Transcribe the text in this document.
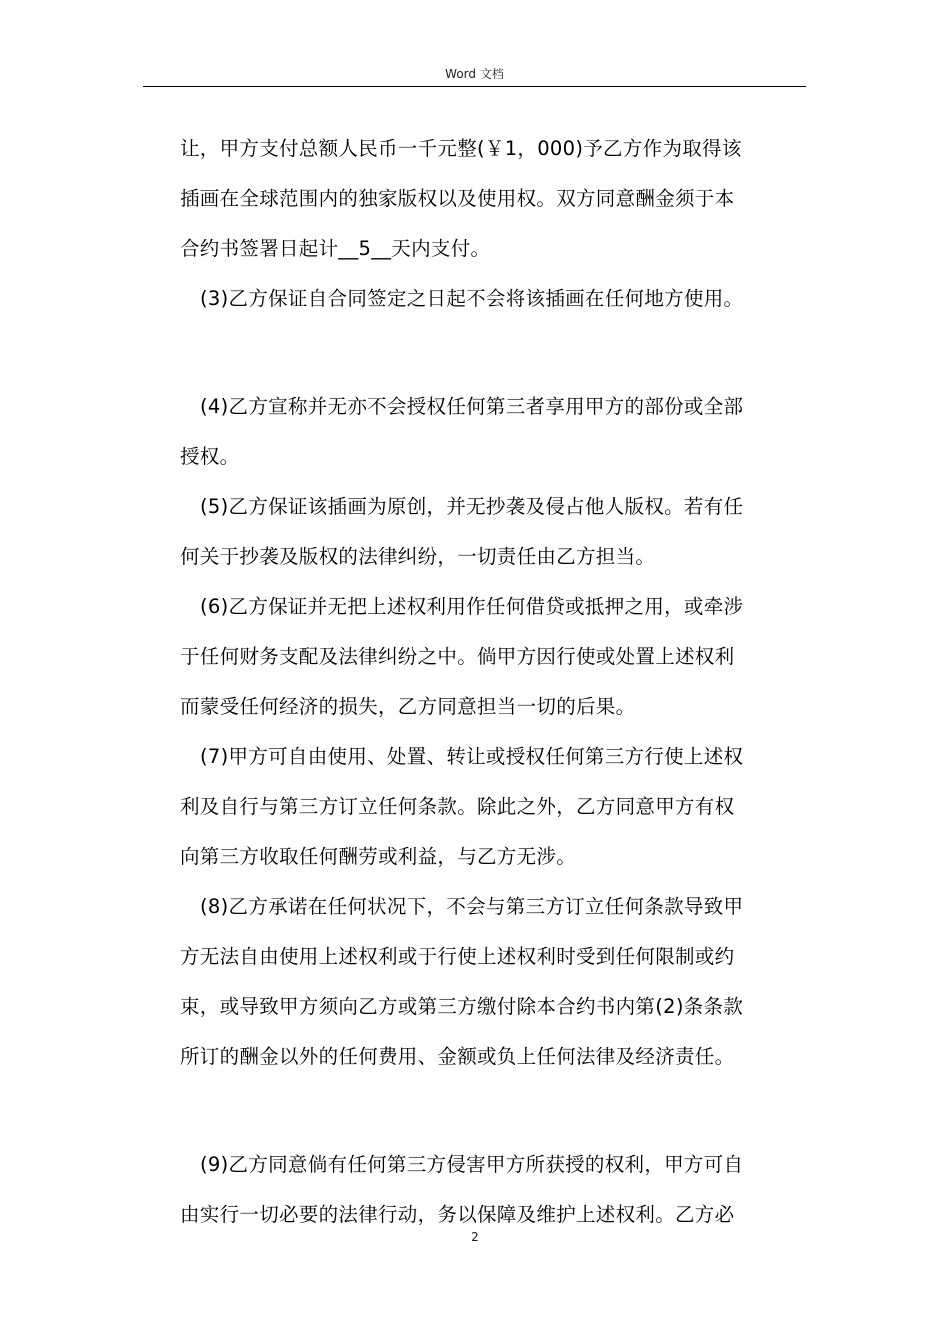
Word 文档
让，甲方支付总额人民币一千元整(￥1，000)予乙方作为取得该
插画在全球范围内的独家版权以及使用权。双方同意酬金须于本
合约书签署日起计__5__天内支付。
(3)乙方保证自合同签定之日起不会将该插画在任何地方使用。
(4)乙方宣称并无亦不会授权任何第三者享用甲方的部份或全部
授权。
(5)乙方保证该插画为原创，并无抄袭及侵占他人版权。若有任
何关于抄袭及版权的法律纠纷，一切责任由乙方担当。
(6)乙方保证并无把上述权利用作任何借贷或抵押之用，或牵涉
于任何财务支配及法律纠纷之中。倘甲方因行使或处置上述权利
而蒙受任何经济的损失，乙方同意担当一切的后果。
(7)甲方可自由使用、处置、转让或授权任何第三方行使上述权
利及自行与第三方订立任何条款。除此之外，乙方同意甲方有权
向第三方收取任何酬劳或利益，与乙方无涉。
(8)乙方承诺在任何状况下，不会与第三方订立任何条款导致甲
方无法自由使用上述权利或于行使上述权利时受到任何限制或约
束，或导致甲方须向乙方或第三方缴付除本合约书内第(2)条条款
所订的酬金以外的任何费用、金额或负上任何法律及经济责任。
(9)乙方同意倘有任何第三方侵害甲方所获授的权利，甲方可自
由实行一切必要的法律行动，务以保障及维护上述权利。乙方必
2
